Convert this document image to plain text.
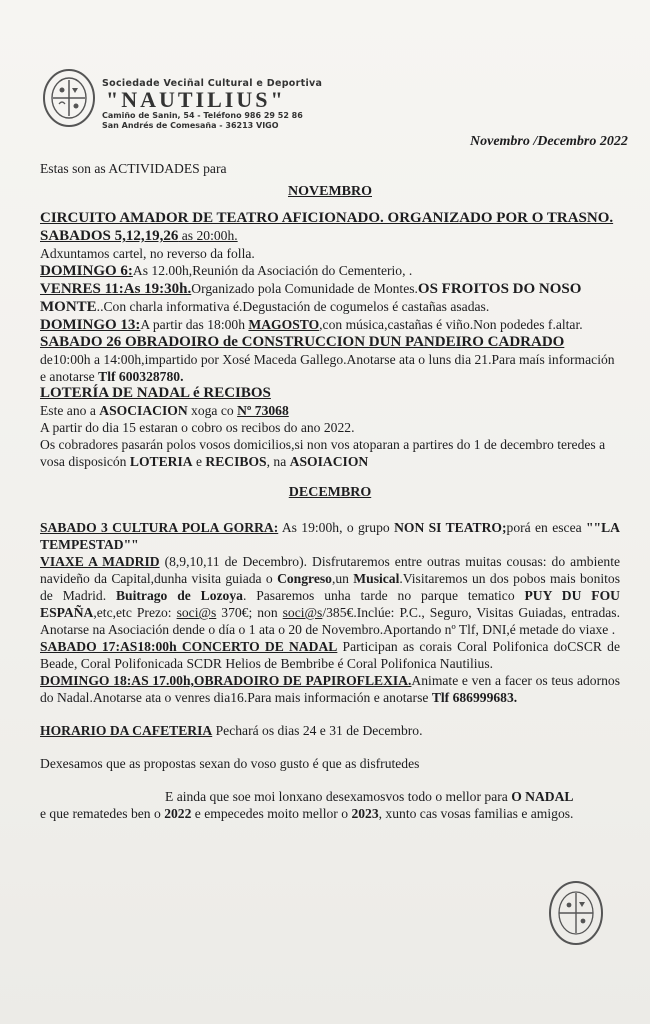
Sociedade Veciñal Cultural e Deportiva
"NAUTILIUS"
Camiño de Sanin, 54 - Teléfono 986 29 52 86
San Andrés de Comesaña - 36213 VIGO
Novembro /Decembro 2022

Estas son as ACTIVIDADES para

NOVEMBRO

CIRCUITO AMADOR DE TEATRO AFICIONADO. ORGANIZADO POR O TRASNO.

SABADOS 5,12,19,26 as 20:00h.

Adxuntamos cartel, no reverso da folla.

DOMINGO 6:As 12.00h,Reunión da Asociación do Cementerio, .

VENRES 11:As 19:30h.Organizado pola Comunidade de Montes.OS FROITOS DO NOSO MONTE..Con charla informativa é.Degustación de cogumelos é castañas asadas.

DOMINGO 13:A partir das 18:00h MAGOSTO,con música,castañas é viño.Non podedes f.altar.

SABADO 26 OBRADOIRO de CONSTRUCCION DUN PANDEIRO CADRADO

de10:00h a 14:00h,impartido por Xosé Maceda Gallego.Anotarse ata o luns dia 21.Para maís información e anotarse Tlf 600328780.

LOTERÍA DE NADAL é RECIBOS

Este ano a ASOCIACION xoga co Nº 73068

A partir do dia 15 estaran o cobro os recibos do ano 2022.

Os cobradores pasarán polos vosos domicilios,si non vos atoparan a partires do 1 de decembro teredes a vosa disposicón LOTERIA e RECIBOS, na ASOIACION

DECEMBRO

SABADO 3 CULTURA POLA GORRA: As 19:00h, o grupo NON SI TEATRO;porá en escea ""LA TEMPESTAD""

VIAXE A MADRID (8,9,10,11 de Decembro). Disfrutaremos entre outras muitas cousas: do ambiente navideño da Capital,dunha visita guiada o Congreso,un Musical.Visitaremos un dos pobos mais bonitos de Madrid. Buitrago de Lozoya. Pasaremos unha tarde no parque tematico PUY DU FOU ESPAÑA,etc,etc Prezo: soci@s 370€; non soci@s/385€.Inclúe: P.C., Seguro, Visitas Guiadas, entradas. Anotarse na Asociación dende o día o 1 ata o 20 de Novembro.Aportando nº Tlf, DNI,é metade do viaxe .

SABADO 17:AS18:00h CONCERTO DE NADAL Participan as corais Coral Polifonica doCSCR de Beade, Coral Polifonicada SCDR Helios de Bembribe é Coral Polifonica Nautilius.

DOMINGO 18:AS 17.00h,OBRADOIRO DE PAPIROFLEXIA.Animate e ven a facer os teus adornos do Nadal.Anotarse ata o venres dia16.Para mais información e anotarse Tlf 686999683.

HORARIO DA CAFETERIA Pechará os dias 24 e 31 de Decembro.

Dexesamos que as propostas sexan do voso gusto é que as disfrutedes

E ainda que soe moi lonxano desexamosvos todo o mellor para O NADAL
e que rematedes ben o 2022 e empecedes moito mellor o 2023, xunto cas vosas familias e amigos.
